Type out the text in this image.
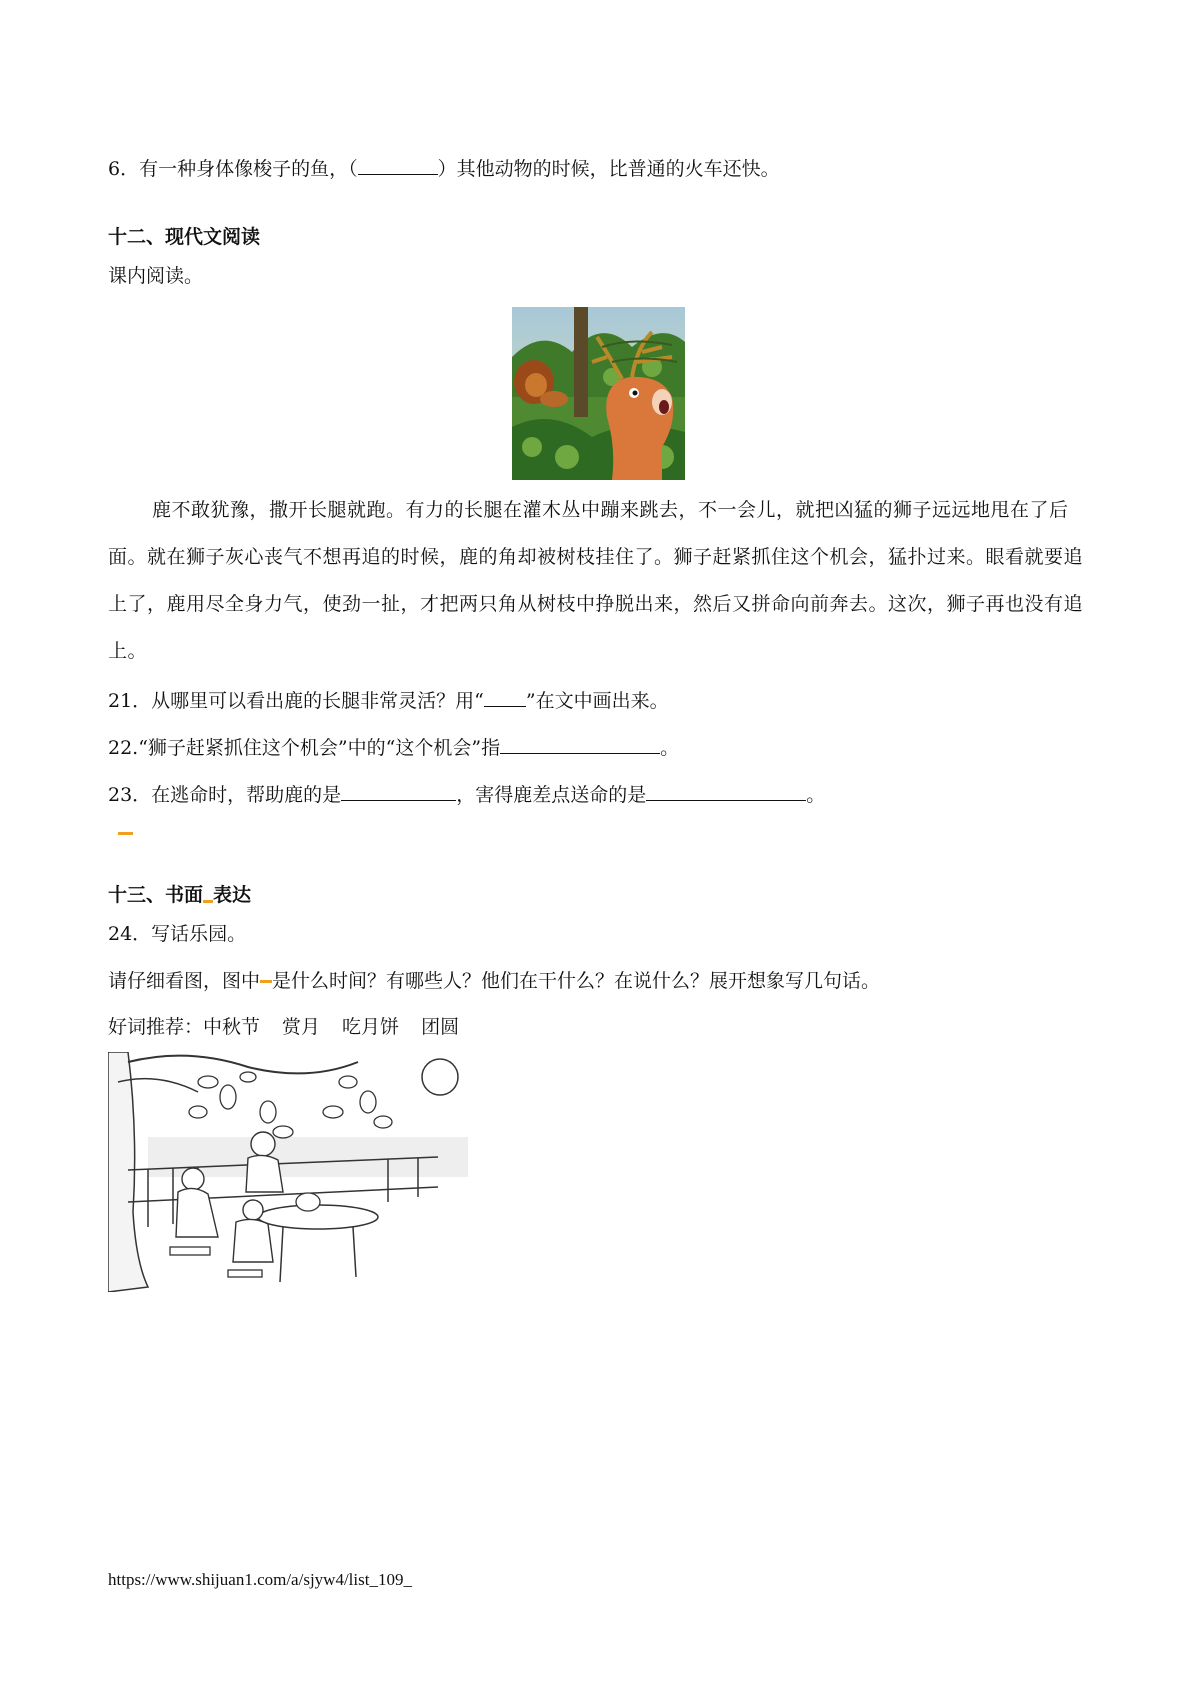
6．有一种身体像梭子的鱼，（	）其他动物的时候，比普通的火车还快。
十二、现代文阅读
课内阅读。
鹿不敢犹豫，撒开长腿就跑。有力的长腿在灌木丛中蹦来跳去，不一会儿，就把凶猛的狮子远远地甩在了后面。就在狮子灰心丧气不想再追的时候，鹿的角却被树枝挂住了。狮子赶紧抓住这个机会，猛扑过来。眼看就要追上了，鹿用尽全身力气，使劲一扯，才把两只角从树枝中挣脱出来，然后又拼命向前奔去。这次，狮子再也没有追上。
21．从哪里可以看出鹿的长腿非常灵活？用“ ”在文中画出来。
22.“狮子赶紧抓住这个机会”中的“这个机会”指	。
23．在逃命时，帮助鹿的是	，害得鹿差点送命的是	。
十三、书面 表达
24．写话乐园。
请仔细看图，图中 是什么时间？有哪些人？他们在干什么？在说什么？展开想象写几句话。
好词推荐：中秋节 赏月 吃月饼 团圆
https://www.shijuan1.com/a/sjyw4/list_109_
